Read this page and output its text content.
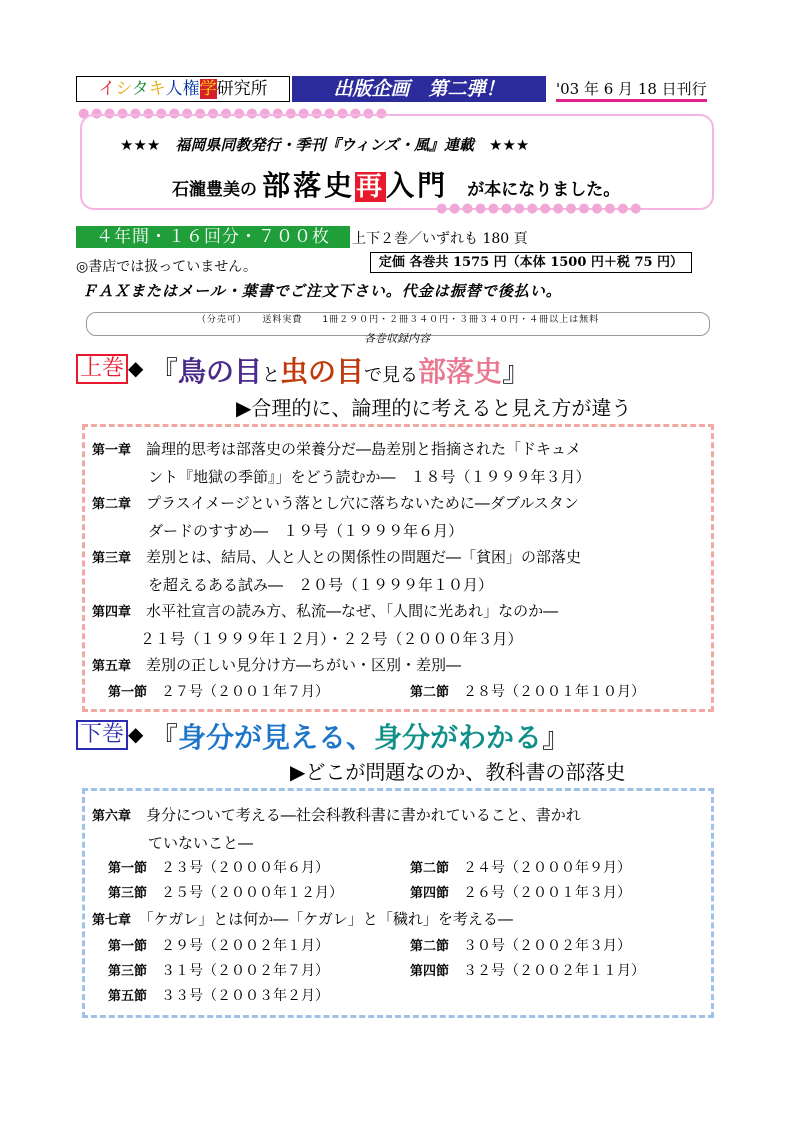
イシタキ人権学研究所	出版企画　第二弾！	'03 年 6 月 18 日刊行
●●●●●●●●●●●●●●●●●●●●●●●●
★★★　福岡県同教発行・季刊『ウィンズ・風』連載　★★★
石瀧豊美の 部落史再入門 が本になりました。
●●●●●●●●●●●●●●●●
４年間・１６回分・７００枚	上下２巻／いずれも 180 頁
◎書店では扱っていません。	定価 各巻共 1575 円（本体 1500 円＋税 75 円）
ＦＡＸまたはメール・葉書でご注文下さい。代金は振替で後払い。
（分売可）　　送料実費　　1冊２９０円・２冊３４０円・３冊３４０円・４冊以上は無料
各巻収録内容
上巻 ◆ 『鳥の目と虫の目で見る部落史』
▶合理的に、論理的に考えると見え方が違う
第一章　 論理的思考は部落史の栄養分だ―島差別と指摘された「ドキュメ
ント『地獄の季節』」をどう読むか―　１８号（１９９９年３月）
第二章　 プラスイメージという落とし穴に落ちないために―ダブルスタン
ダードのすすめ―　１９号（１９９９年６月）
第三章　 差別とは、結局、人と人との関係性の問題だ―「貧困」の部落史
を超えるある試み―　２０号（１９９９年１０月）
第四章　 水平社宣言の読み方、私流―なぜ、「人間に光あれ」なのか―
２１号（１９９９年１２月）・２２号（２０００年３月）
第五章　 差別の正しい見分け方―ちがい・区別・差別―
第一節　 ２７号（２００１年７月）	第二節　 ２８号（２００１年１０月）
下巻 ◆ 『身分が見える、身分がわかる』
▶どこが問題なのか、教科書の部落史
第六章　 身分について考える―社会科教科書に書かれていること、書かれ
ていないこと―
第一節　 ２３号（２０００年６月）	第二節　 ２４号（２０００年９月）
第三節　 ２５号（２０００年１２月）	第四節　 ２６号（２００１年３月）
第七章　 「ケガレ」とは何か―「ケガレ」と「穢れ」を考える―
第一節　 ２９号（２００２年１月）	第二節　 ３０号（２００２年３月）
第三節　 ３１号（２００２年７月）	第四節　 ３２号（２００２年１１月）
第五節　 ３３号（２００３年２月）
